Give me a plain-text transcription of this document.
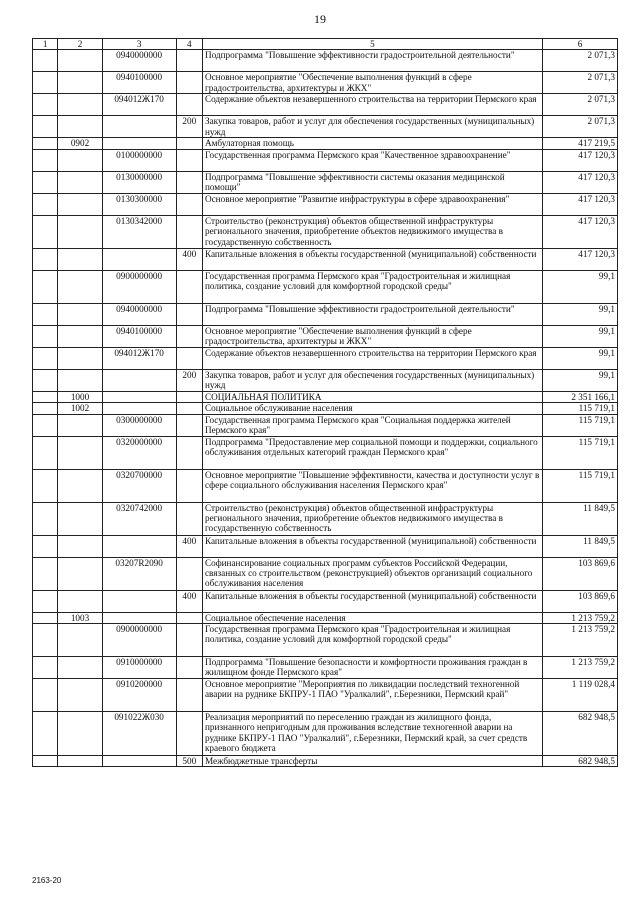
19
1	2	3	4	5	6
		0940000000		Подпрограмма "Повышение эффективности градостроительной деятельности"	2 071,3
		0940100000		Основное мероприятие "Обеспечение выполнения функций в сфере градостроительства, архитектуры и ЖКХ"	2 071,3
		094012Ж170		Содержание объектов незавершенного строительства на территории Пермского края	2 071,3
			200	Закупка товаров, работ и услуг для обеспечения государственных (муниципальных) нужд	2 071,3
	0902			Амбулаторная помощь	417 219,5
		0100000000		Государственная программа Пермского края "Качественное здравоохранение"	417 120,3
		0130000000		Подпрограмма "Повышение эффективности системы оказания медицинской помощи"	417 120,3
		0130300000		Основное мероприятие "Развитие инфраструктуры в сфере здравоохранения"	417 120,3
		0130342000		Строительство (реконструкция) объектов общественной инфраструктуры регионального значения, приобретение объектов недвижимого имущества в государственную собственность	417 120,3
			400	Капитальные вложения в объекты государственной (муниципальной) собственности	417 120,3
		0900000000		Государственная программа Пермского края "Градостроительная и жилищная политика, создание условий для комфортной городской среды"	99,1
		0940000000		Подпрограмма "Повышение эффективности градостроительной деятельности"	99,1
		0940100000		Основное мероприятие "Обеспечение выполнения функций в сфере градостроительства, архитектуры и ЖКХ"	99,1
		094012Ж170		Содержание объектов незавершенного строительства на территории Пермского края	99,1
			200	Закупка товаров, работ и услуг для обеспечения государственных (муниципальных) нужд	99,1
	1000			СОЦИАЛЬНАЯ ПОЛИТИКА	2 351 166,1
	1002			Социальное обслуживание населения	115 719,1
		0300000000		Государственная программа Пермского края "Социальная поддержка жителей Пермского края"	115 719,1
		0320000000		Подпрограмма "Предоставление мер социальной помощи и поддержки, социального обслуживания отдельных категорий граждан Пермского края"	115 719,1
		0320700000		Основное мероприятие "Повышение эффективности, качества и доступности услуг в сфере социального обслуживания населения Пермского края"	115 719,1
		0320742000		Строительство (реконструкция) объектов общественной инфраструктуры регионального значения, приобретение объектов недвижимого имущества в государственную собственность	11 849,5
			400	Капитальные вложения в объекты государственной (муниципальной) собственности	11 849,5
		03207R2090		Софинансирование социальных программ субъектов Российской Федерации, связанных со строительством (реконструкцией) объектов организаций социального обслуживания населения	103 869,6
			400	Капитальные вложения в объекты государственной (муниципальной) собственности	103 869,6
	1003			Социальное обеспечение населения	1 213 759,2
		0900000000		Государственная программа Пермского края "Градостроительная и жилищная политика, создание условий для комфортной городской среды"	1 213 759,2
		0910000000		Подпрограмма "Повышение безопасности и комфортности проживания граждан в жилищном фонде Пермского края"	1 213 759,2
		0910200000		Основное мероприятие "Мероприятия по ликвидации последствий техногенной аварии на руднике БКПРУ-1 ПАО "Уралкалий", г.Березники, Пермский край"	1 119 028,4
		091022Ж030		Реализация мероприятий по переселению граждан из жилищного фонда, признанного непригодным для проживания вследствие техногенной аварии на руднике БКПРУ-1 ПАО "Уралкалий", г.Березники, Пермский край, за счет средств краевого бюджета	682 948,5
			500	Межбюджетные трансферты	682 948,5
2163-20
